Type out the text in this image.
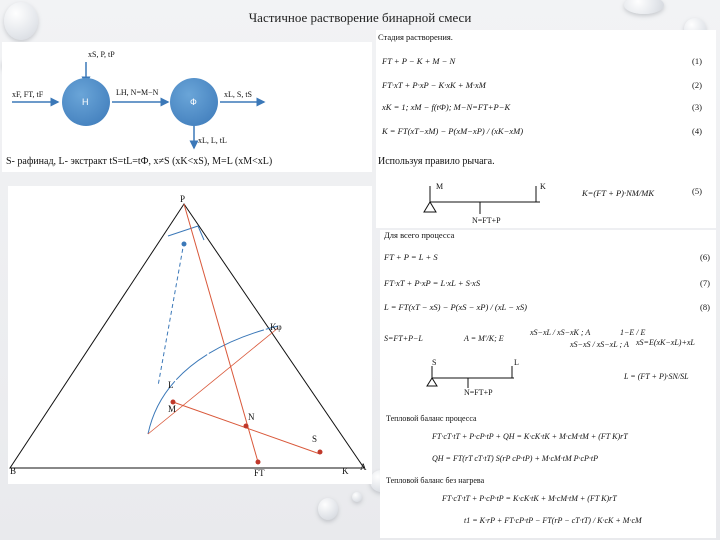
Частичное растворение бинарной смеси
Н	Ф
xS, P, tP
xF, FT, tF	LН, N=M−N	xL, S, tS
xL, L, tL
S- рафинад, L- экстракт tS=tL=tФ, x≠S (xK<xS), M=L (xM<xL)
P
B	A
FT	K
L
M
N
S
Kφ
Стадия растворения.
FT + P − K + M − N	(1)
FT·xT + P·xP − K·xK + M·xM	(2)
xK = 1; xM − f(tФ); M−N=FT+P−K	(3)
K = FT(xT−xM) − P(xM−xP) / (xK−xM)	(4)
Используя правило рычага.
M	K
N=FT+P
K=(FT + P)·NM/MK	(5)
Для всего процесса
FT + P = L + S	(6)
FT·xT + P·xP = L·xL + S·xS	(7)
L = FT(xT − xS) − P(xS − xP) / (xL − xS)	(8)
S=FT+P−L	A = M'/K; E
xS−xL / xS−xK ; A
xS−xS / xS−xL ; A
1−E / E
xS=E(xK−xL)+xL
S	L
N=FT+P
L = (FT + P)·SN/SL
Тепловой баланс процесса
FT·cT·tT + P·cP·tP + QH = K·cK·tK + M·cM·tM + (FT K)rT
QH = FT(rT cT·tT) S(rP cP·tP) + M·cM·tM P·cP·tP
Тепловой баланс без нагрева
FT·cT·tT + P·cP·tP = K·cK·tK + M·cM·tM + (FT K)rT
t1 = K·rP + FT·cP·tP − FT(rP − cT·tT) / K·cK + M·cM
